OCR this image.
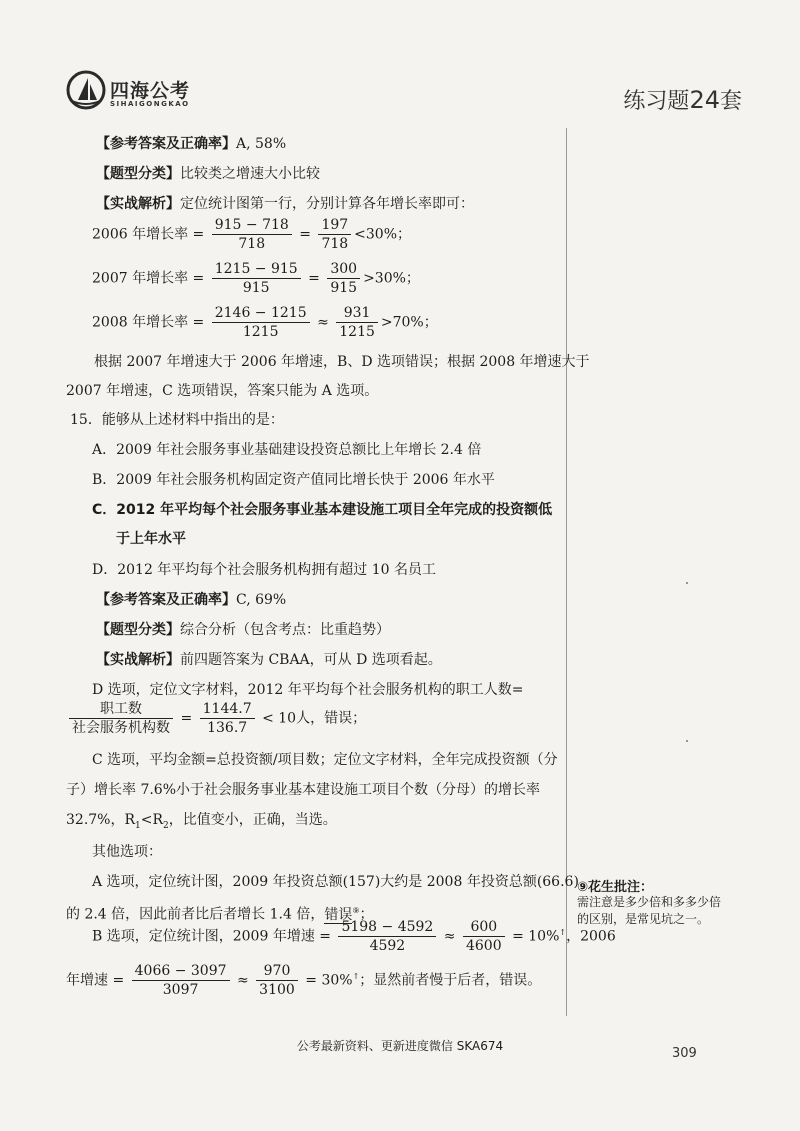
四海公考
SIHAIGONGKAO	练习题24套
【参考答案及正确率】A, 58%
【题型分类】比较类之增速大小比较
【实战解析】定位统计图第一行，分别计算各年增长率即可：
2006 年增长率 = $\frac{915 - 718}{718} = \frac{197}{718} <30\%$；
2007 年增长率 = $\frac{1215 - 915}{915} = \frac{300}{915} >30\%$；
2008 年增长率 = $\frac{2146 - 1215}{1215} \approx \frac{931}{1215} >70\%$；
根据 2007 年增速大于 2006 年增速，B、D 选项错误；根据 2008 年增速大于
2007 年增速，C 选项错误，答案只能为 A 选项。
15．能够从上述材料中指出的是：
A．2009 年社会服务事业基础建设投资总额比上年增长 2.4 倍
B．2009 年社会服务机构固定资产值同比增长快于 2006 年水平
C．2012 年平均每个社会服务事业基本建设施工项目全年完成的投资额低
于上年水平
D．2012 年平均每个社会服务机构拥有超过 10 名员工
【参考答案及正确率】C, 69%
【题型分类】综合分析（包含考点：比重趋势）
【实战解析】前四题答案为 CBAA，可从 D 选项看起。
D 选项，定位文字材料，2012 年平均每个社会服务机构的职工人数=
$\frac{\text{职工数}}{\text{社会服务机构数}} = \frac{1144.7}{136.7} < 10$人，错误；
C 选项，平均金额=总投资额/项目数；定位文字材料，全年完成投资额（分
子）增长率 7.6%小于社会服务事业基本建设施工项目个数（分母）的增长率
32.7%，$R_1<R_2$，比值变小，正确，当选。
其他选项：
A 选项，定位统计图，2009 年投资总额(157)大约是 2008 年投资总额(66.6)
的 2.4 倍，因此前者比后者增长 1.4 倍，错误⑨；
B 选项，定位统计图，2009 年增速 = $\frac{5198 - 4592}{4592} \approx \frac{600}{4600} = 10\%^↑$，2006
年增速 = $\frac{4066 - 3097}{3097} \approx \frac{970}{3100} = 30\%^↑$；显然前者慢于后者，错误。
⑨花生批注：
需注意是多少倍和多多少倍的区别，是常见坑之一。
公考最新资料、更新进度微信 SKA674	309
